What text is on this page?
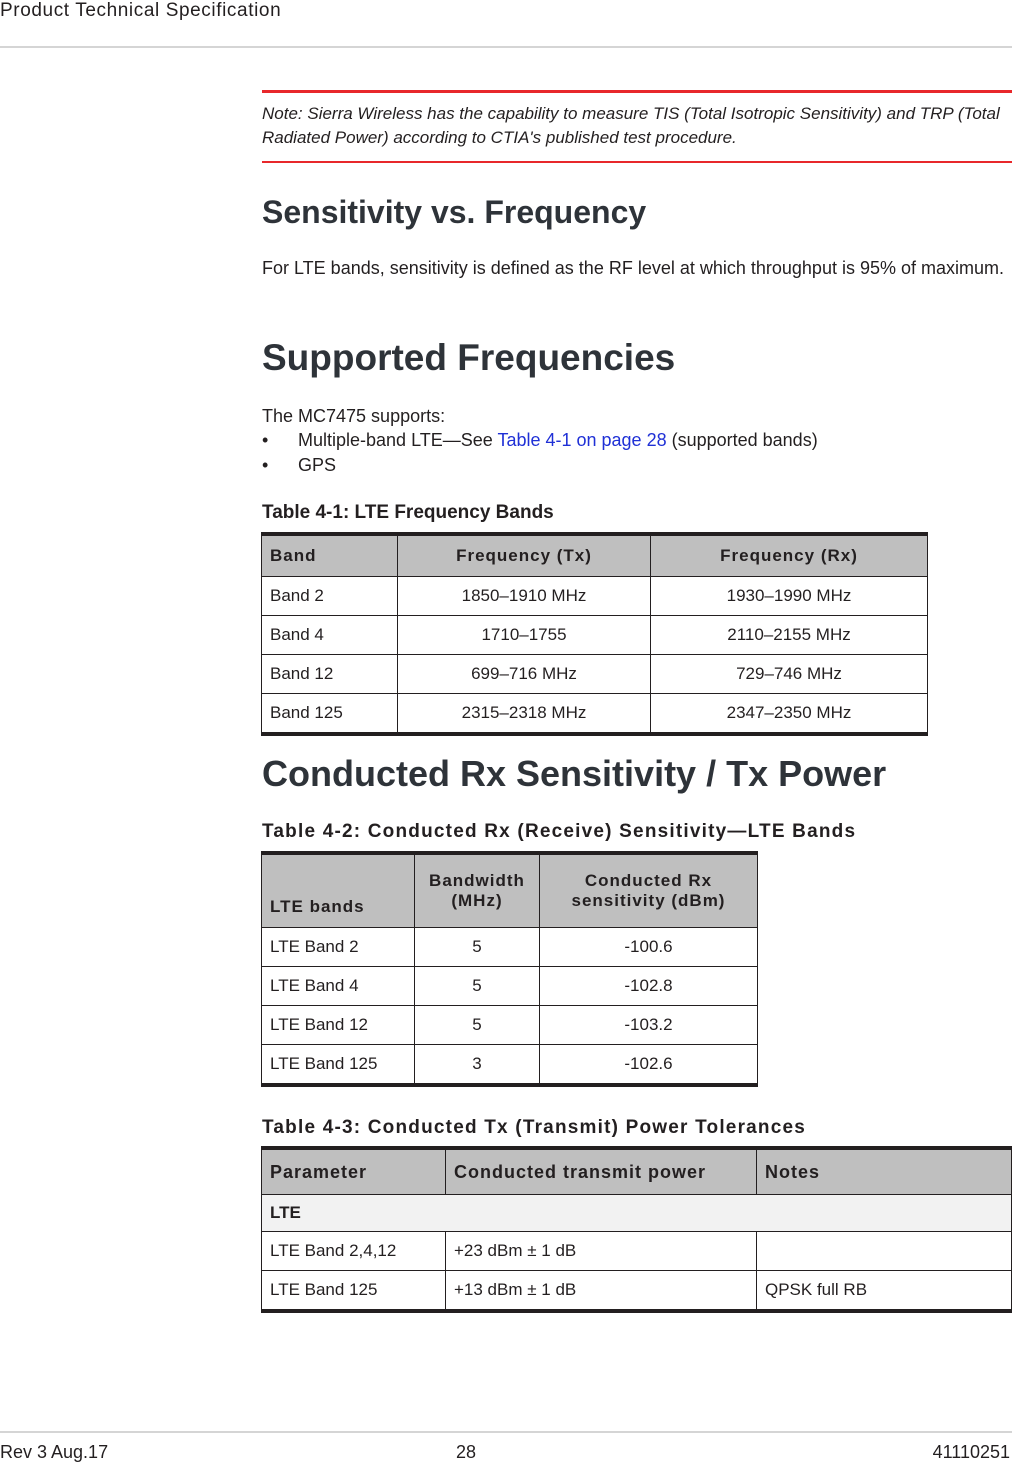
Product Technical Specification
Note: Sierra Wireless has the capability to measure TIS (Total Isotropic Sensitivity) and TRP (Total Radiated Power) according to CTIA's published test procedure.
Sensitivity vs. Frequency
For LTE bands, sensitivity is defined as the RF level at which throughput is 95% of maximum.
Supported Frequencies
The MC7475 supports:
• Multiple-band LTE—See Table 4-1 on page 28 (supported bands)
• GPS
Table 4-1: LTE Frequency Bands
Band	Frequency (Tx)	Frequency (Rx)
Band 2	1850–1910 MHz	1930–1990 MHz
Band 4	1710–1755	2110–2155 MHz
Band 12	699–716 MHz	729–746 MHz
Band 125	2315–2318 MHz	2347–2350 MHz
Conducted Rx Sensitivity / Tx Power
Table 4-2: Conducted Rx (Receive) Sensitivity—LTE Bands
LTE bands	Bandwidth (MHz)	Conducted Rx sensitivity (dBm)
LTE Band 2	5	-100.6
LTE Band 4	5	-102.8
LTE Band 12	5	-103.2
LTE Band 125	3	-102.6
Table 4-3: Conducted Tx (Transmit) Power Tolerances
Parameter	Conducted transmit power	Notes
LTE		
LTE Band 2,4,12	+23 dBm ± 1 dB	
LTE Band 125	+13 dBm ± 1 dB	QPSK full RB
Rev 3 Aug.17	28	41110251
